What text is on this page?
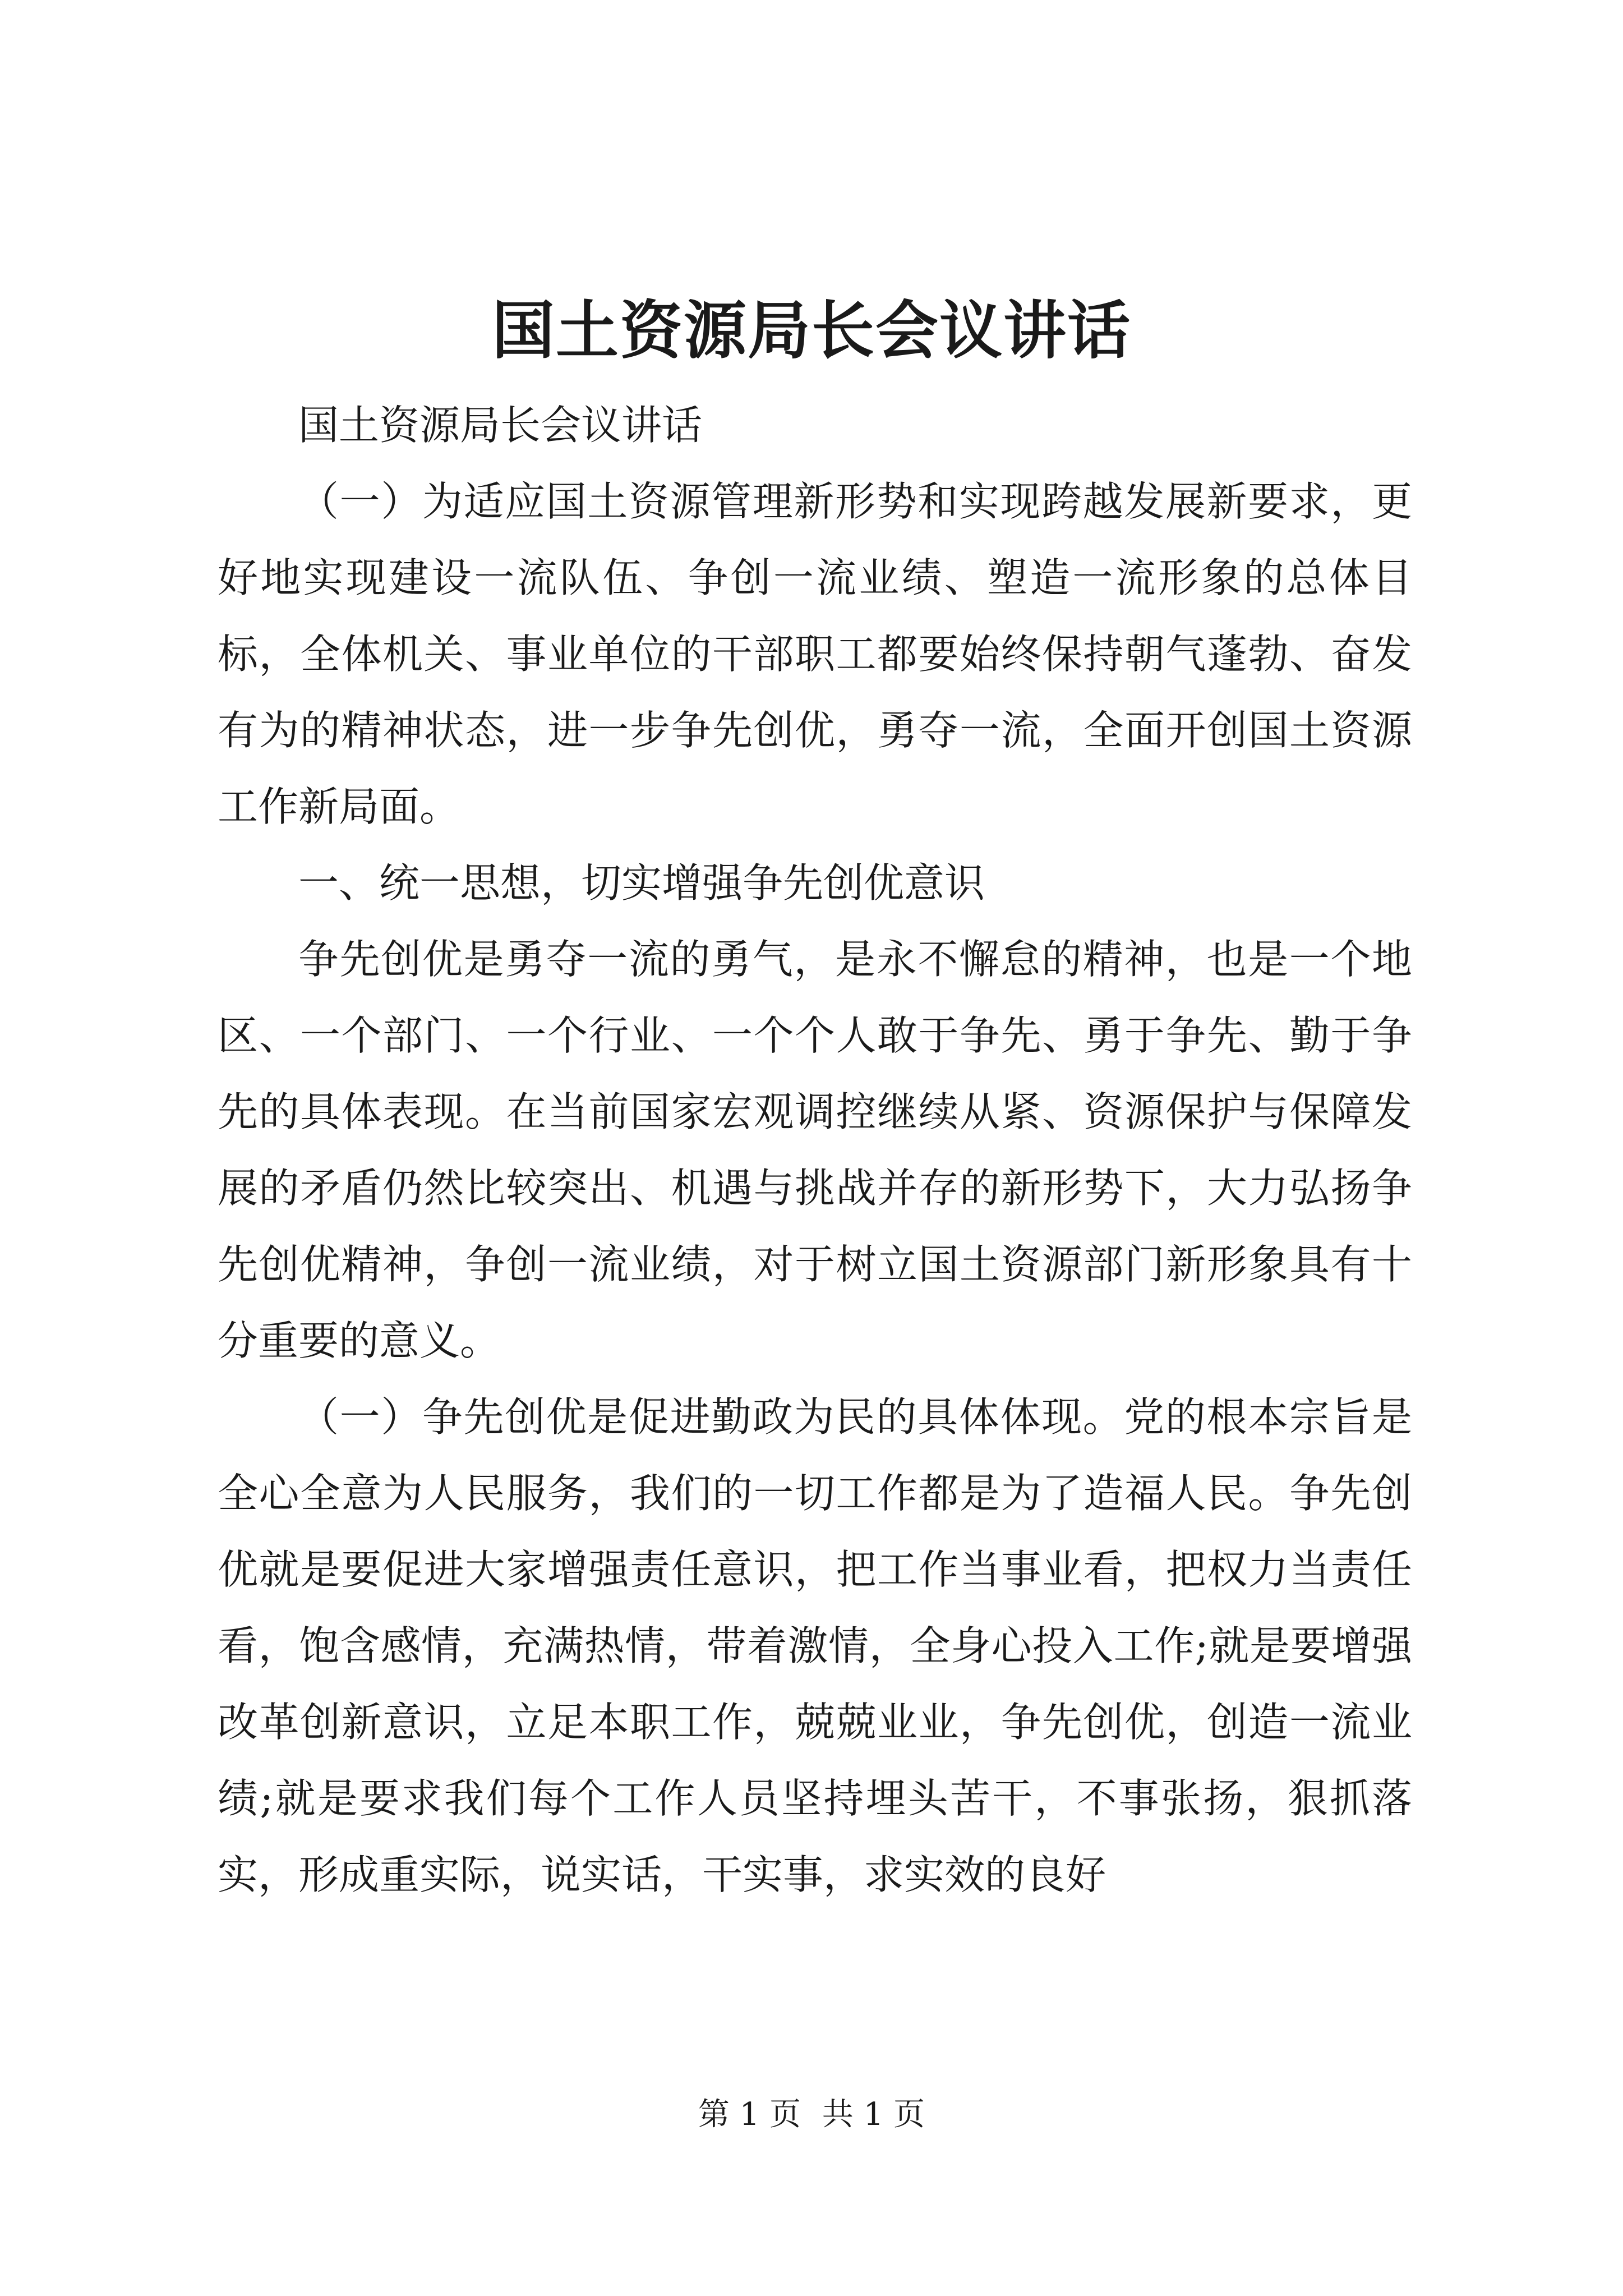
国土资源局长会议讲话

国土资源局长会议讲话

（一）为适应国土资源管理新形势和实现跨越发展新要求，更好地实现建设一流队伍、争创一流业绩、塑造一流形象的总体目标，全体机关、事业单位的干部职工都要始终保持朝气蓬勃、奋发有为的精神状态，进一步争先创优，勇夺一流，全面开创国土资源工作新局面。

一、统一思想，切实增强争先创优意识

争先创优是勇夺一流的勇气，是永不懈怠的精神，也是一个地区、一个部门、一个行业、一个个人敢于争先、勇于争先、勤于争先的具体表现。在当前国家宏观调控继续从紧、资源保护与保障发展的矛盾仍然比较突出、机遇与挑战并存的新形势下，大力弘扬争先创优精神，争创一流业绩，对于树立国土资源部门新形象具有十分重要的意义。

（一）争先创优是促进勤政为民的具体体现。党的根本宗旨是全心全意为人民服务，我们的一切工作都是为了造福人民。争先创优就是要促进大家增强责任意识，把工作当事业看，把权力当责任看，饱含感情，充满热情，带着激情，全身心投入工作;就是要增强改革创新意识，立足本职工作，兢兢业业，争先创优，创造一流业绩;就是要求我们每个工作人员坚持埋头苦干，不事张扬，狠抓落实，形成重实际，说实话，干实事，求实效的良好

第 1 页 共 1 页
